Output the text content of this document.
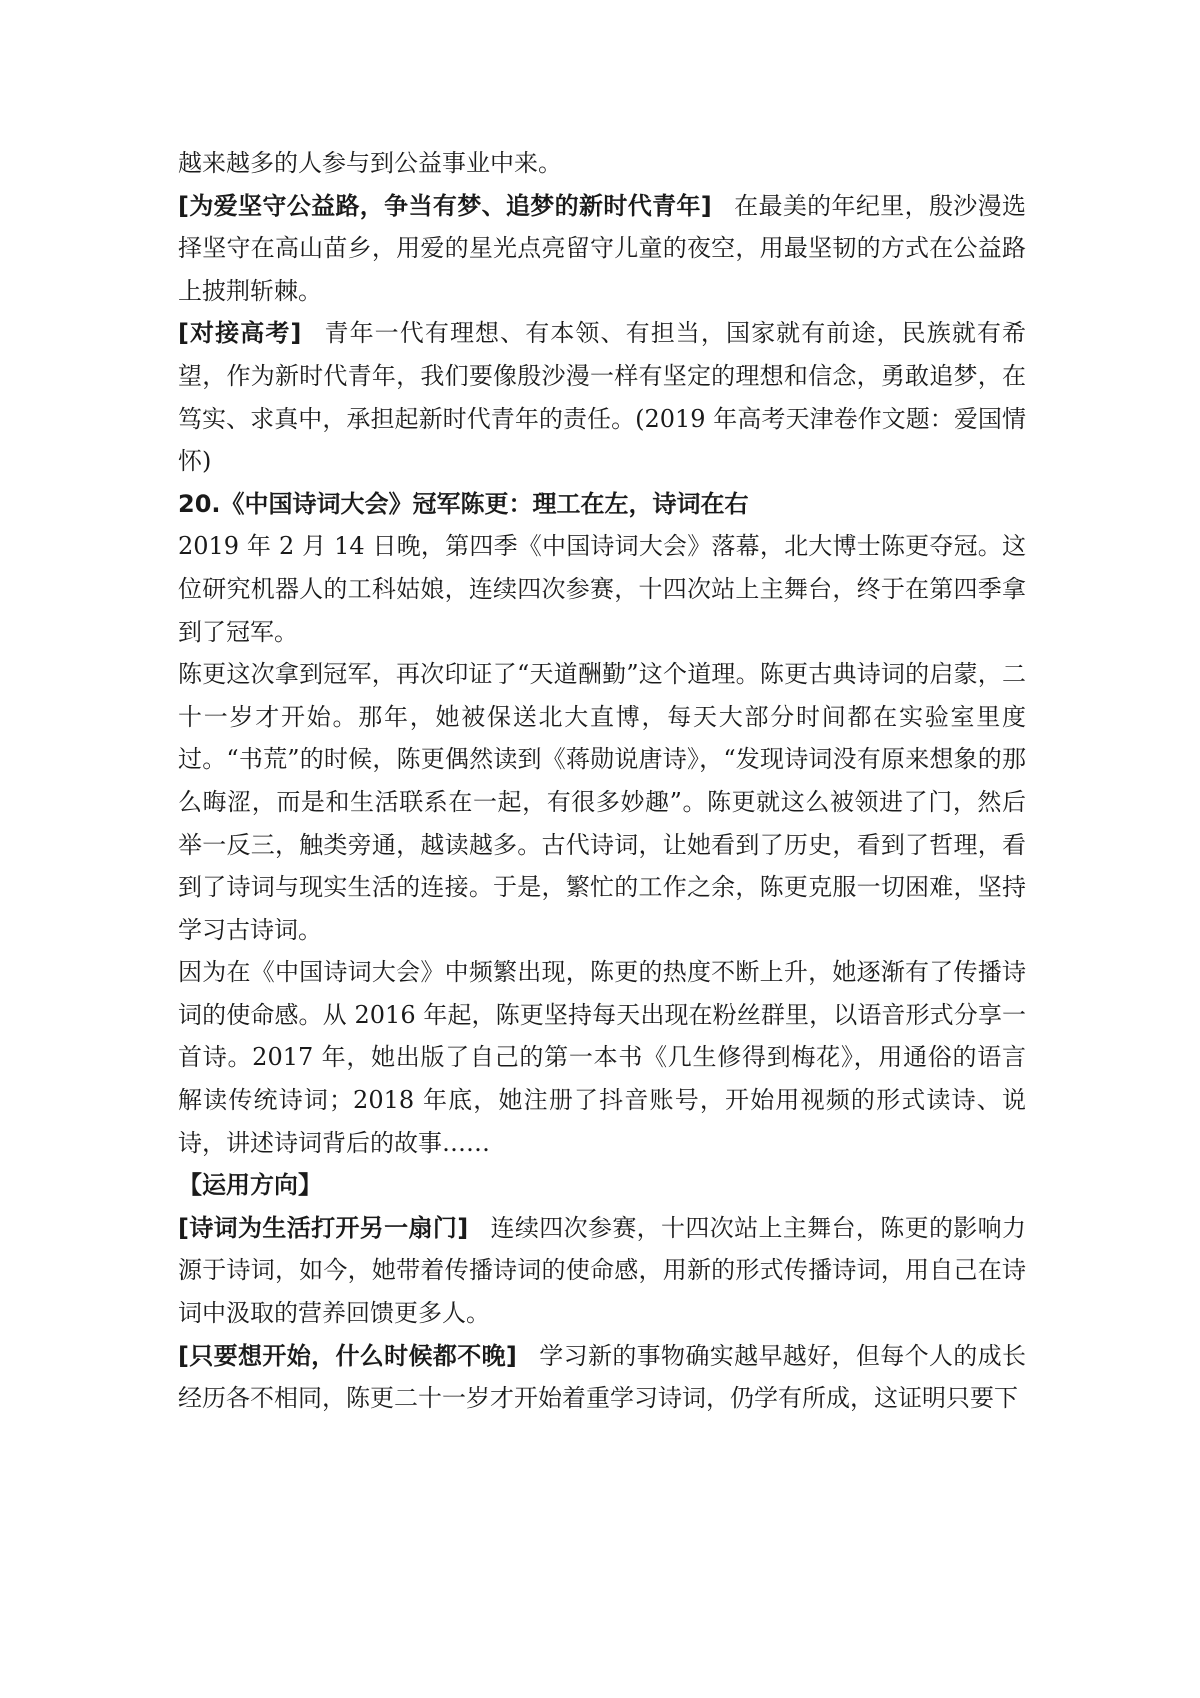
越来越多的人参与到公益事业中来。

[为爱坚守公益路，争当有梦、追梦的新时代青年] 在最美的年纪里，殷沙漫选择坚守在高山苗乡，用爱的星光点亮留守儿童的夜空，用最坚韧的方式在公益路上披荆斩棘。

[对接高考] 青年一代有理想、有本领、有担当，国家就有前途，民族就有希望，作为新时代青年，我们要像殷沙漫一样有坚定的理想和信念，勇敢追梦，在笃实、求真中，承担起新时代青年的责任。(2019 年高考天津卷作文题：爱国情怀)

20.《中国诗词大会》冠军陈更：理工在左，诗词在右

2019 年 2 月 14 日晚，第四季《中国诗词大会》落幕，北大博士陈更夺冠。这位研究机器人的工科姑娘，连续四次参赛，十四次站上主舞台，终于在第四季拿到了冠军。

陈更这次拿到冠军，再次印证了“天道酬勤”这个道理。陈更古典诗词的启蒙，二十一岁才开始。那年，她被保送北大直博，每天大部分时间都在实验室里度过。“书荒”的时候，陈更偶然读到《蒋勋说唐诗》，“发现诗词没有原来想象的那么晦涩，而是和生活联系在一起，有很多妙趣”。陈更就这么被领进了门，然后举一反三，触类旁通，越读越多。古代诗词，让她看到了历史，看到了哲理，看到了诗词与现实生活的连接。于是，繁忙的工作之余，陈更克服一切困难，坚持学习古诗词。

因为在《中国诗词大会》中频繁出现，陈更的热度不断上升，她逐渐有了传播诗词的使命感。从 2016 年起，陈更坚持每天出现在粉丝群里，以语音形式分享一首诗。2017 年，她出版了自己的第一本书《几生修得到梅花》，用通俗的语言解读传统诗词；2018 年底，她注册了抖音账号，开始用视频的形式读诗、说诗，讲述诗词背后的故事……

【运用方向】

[诗词为生活打开另一扇门] 连续四次参赛，十四次站上主舞台，陈更的影响力源于诗词，如今，她带着传播诗词的使命感，用新的形式传播诗词，用自己在诗词中汲取的营养回馈更多人。

[只要想开始，什么时候都不晚] 学习新的事物确实越早越好，但每个人的成长经历各不相同，陈更二十一岁才开始着重学习诗词，仍学有所成，这证明只要下
